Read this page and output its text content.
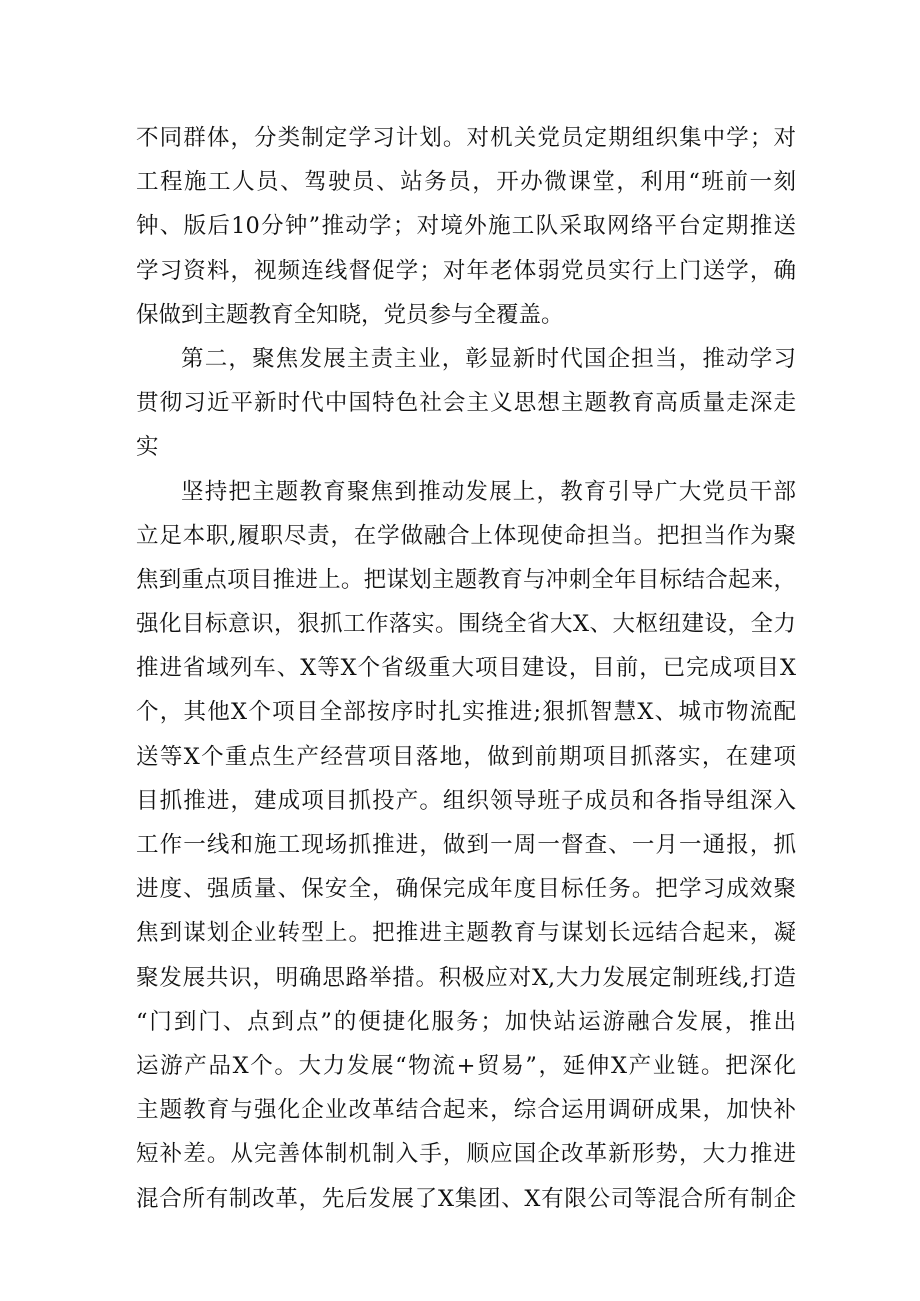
不同群体，分类制定学习计划。对机关党员定期组织集中学；对
工程施工人员、驾驶员、站务员，开办微课堂，利用“班前一刻
钟、版后10分钟”推动学；对境外施工队采取网络平台定期推送
学习资料，视频连线督促学；对年老体弱党员实行上门送学，确
保做到主题教育全知晓，党员参与全覆盖。
第二，聚焦发展主责主业，彰显新时代国企担当，推动学习
贯彻习近平新时代中国特色社会主义思想主题教育高质量走深走
实
坚持把主题教育聚焦到推动发展上，教育引导广大党员干部
立足本职,履职尽责，在学做融合上体现使命担当。把担当作为聚
焦到重点项目推进上。把谋划主题教育与冲刺全年目标结合起来，
强化目标意识，狠抓工作落实。围绕全省大X、大枢纽建设，全力
推进省域列车、X等X个省级重大项目建设，目前，已完成项目X
个，其他X个项目全部按序时扎实推进;狠抓智慧X、城市物流配
送等X个重点生产经营项目落地，做到前期项目抓落实，在建项
目抓推进，建成项目抓投产。组织领导班子成员和各指导组深入
工作一线和施工现场抓推进，做到一周一督查、一月一通报，抓
进度、强质量、保安全，确保完成年度目标任务。把学习成效聚
焦到谋划企业转型上。把推进主题教育与谋划长远结合起来，凝
聚发展共识，明确思路举措。积极应对X,大力发展定制班线,打造
“门到门、点到点”的便捷化服务；加快站运游融合发展，推出
运游产品X个。大力发展“物流+贸易”，延伸X产业链。把深化
主题教育与强化企业改革结合起来，综合运用调研成果，加快补
短补差。从完善体制机制入手，顺应国企改革新形势，大力推进
混合所有制改革，先后发展了X集团、X有限公司等混合所有制企
